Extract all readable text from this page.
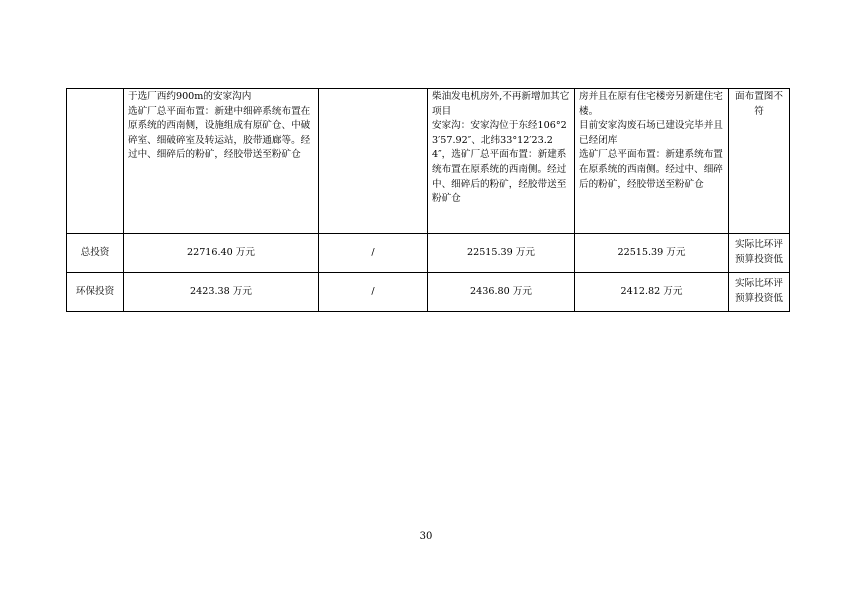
	于选厂西约900m的安家沟内
选矿厂总平面布置：新建中细碎系统布置在原系统的西南侧，设施组成有原矿仓、中破碎室、细破碎室及转运站，胶带通廊等。经过中、细碎后的粉矿，经胶带送至粉矿仓		柴油发电机房外,不再新增加其它项目
安家沟：安家沟位于东经106°23′57.92″、北纬33°12′23.24″，选矿厂总平面布置：新建系统布置在原系统的西南侧。经过中、细碎后的粉矿，经胶带送至粉矿仓	房并且在原有住宅楼旁另新建住宅楼。
目前安家沟废石场已建设完毕并且已经闭库
选矿厂总平面布置：新建系统布置在原系统的西南侧。经过中、细碎后的粉矿，经胶带送至粉矿仓	面布置图不符
总投资	22716.40 万元	/	22515.39 万元	22515.39 万元	实际比环评预算投资低
环保投资	2423.38 万元	/	2436.80 万元	2412.82 万元	实际比环评预算投资低
30
